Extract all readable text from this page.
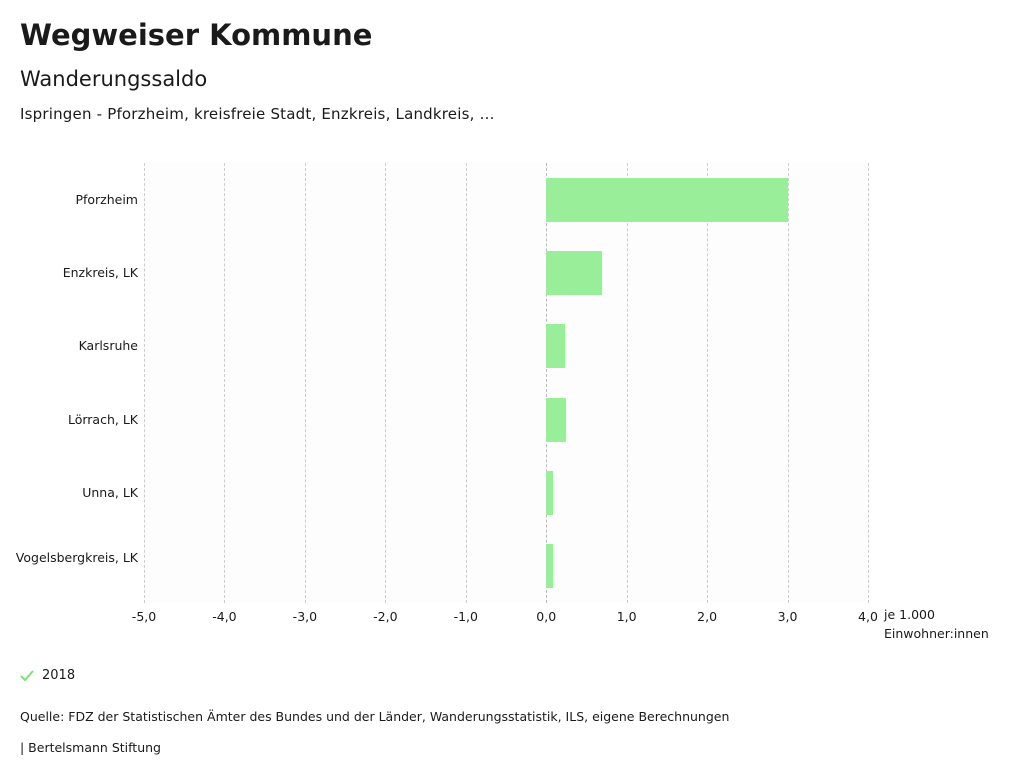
Wegweiser Kommune
Wanderungssaldo
Ispringen - Pforzheim, kreisfreie Stadt, Enzkreis, Landkreis, …
Pforzheim
Enzkreis, LK
Karlsruhe
Lörrach, LK
Unna, LK
Vogelsbergkreis, LK
-5,0	-4,0	-3,0	-2,0	-1,0	0,0	1,0	2,0	3,0	4,0 je 1.000
Einwohner:innen
2018
Quelle: FDZ der Statistischen Ämter des Bundes und der Länder, Wanderungsstatistik, ILS, eigene Berechnungen
| Bertelsmann Stiftung
